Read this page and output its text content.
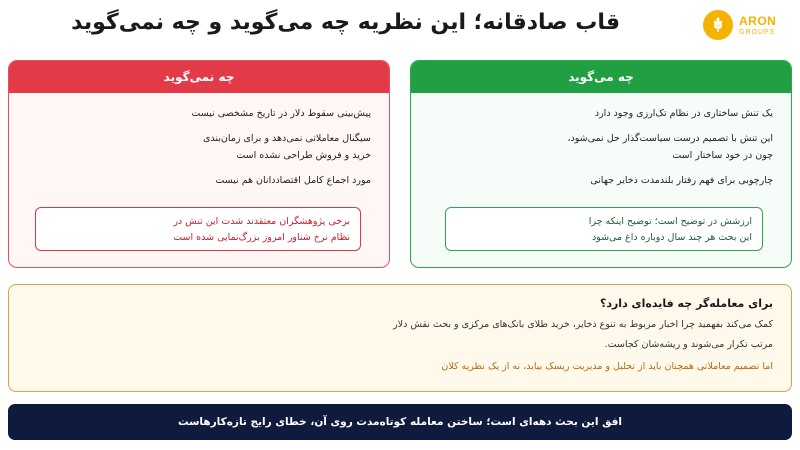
قاب صادقانه؛ این نظریه چه می‌گوید و چه نمی‌گوید	ARON
GROUPS
چه می‌گوید
یک تنش ساختاری در نظام تک‌ارزی وجود دارد
این تنش با تصمیم درست سیاست‌گذار حل نمی‌شود،
چون در خود ساختار است
چارچوبی برای فهم رفتار بلندمدت ذخایر جهانی
ارزشش در توضیح است؛ توضیح اینکه چرا
این بحث هر چند سال دوباره داغ می‌شود
چه نمی‌گوید
پیش‌بینی سقوط دلار در تاریخ مشخصی نیست
سیگنال معاملاتی نمی‌دهد و برای زمان‌بندی
خرید و فروش طراحی نشده است
مورد اجماع کامل اقتصاددانان هم نیست
برخی پژوهشگران معتقدند شدت این تنش در
نظام نرخ شناور امروز بزرگ‌نمایی شده است
برای معامله‌گر چه فایده‌ای دارد؟
کمک می‌کند بفهمید چرا اخبار مربوط به تنوع ذخایر، خرید طلای بانک‌های مرکزی و بحث نقش دلار
مرتب تکرار می‌شوند و ریشه‌شان کجاست.
اما تصمیم معاملاتی همچنان باید از تحلیل و مدیریت ریسک بیاید، نه از یک نظریه کلان
افق این بحث دهه‌ای است؛ ساختن معامله کوتاه‌مدت روی آن، خطای رایج تازه‌کارهاست
